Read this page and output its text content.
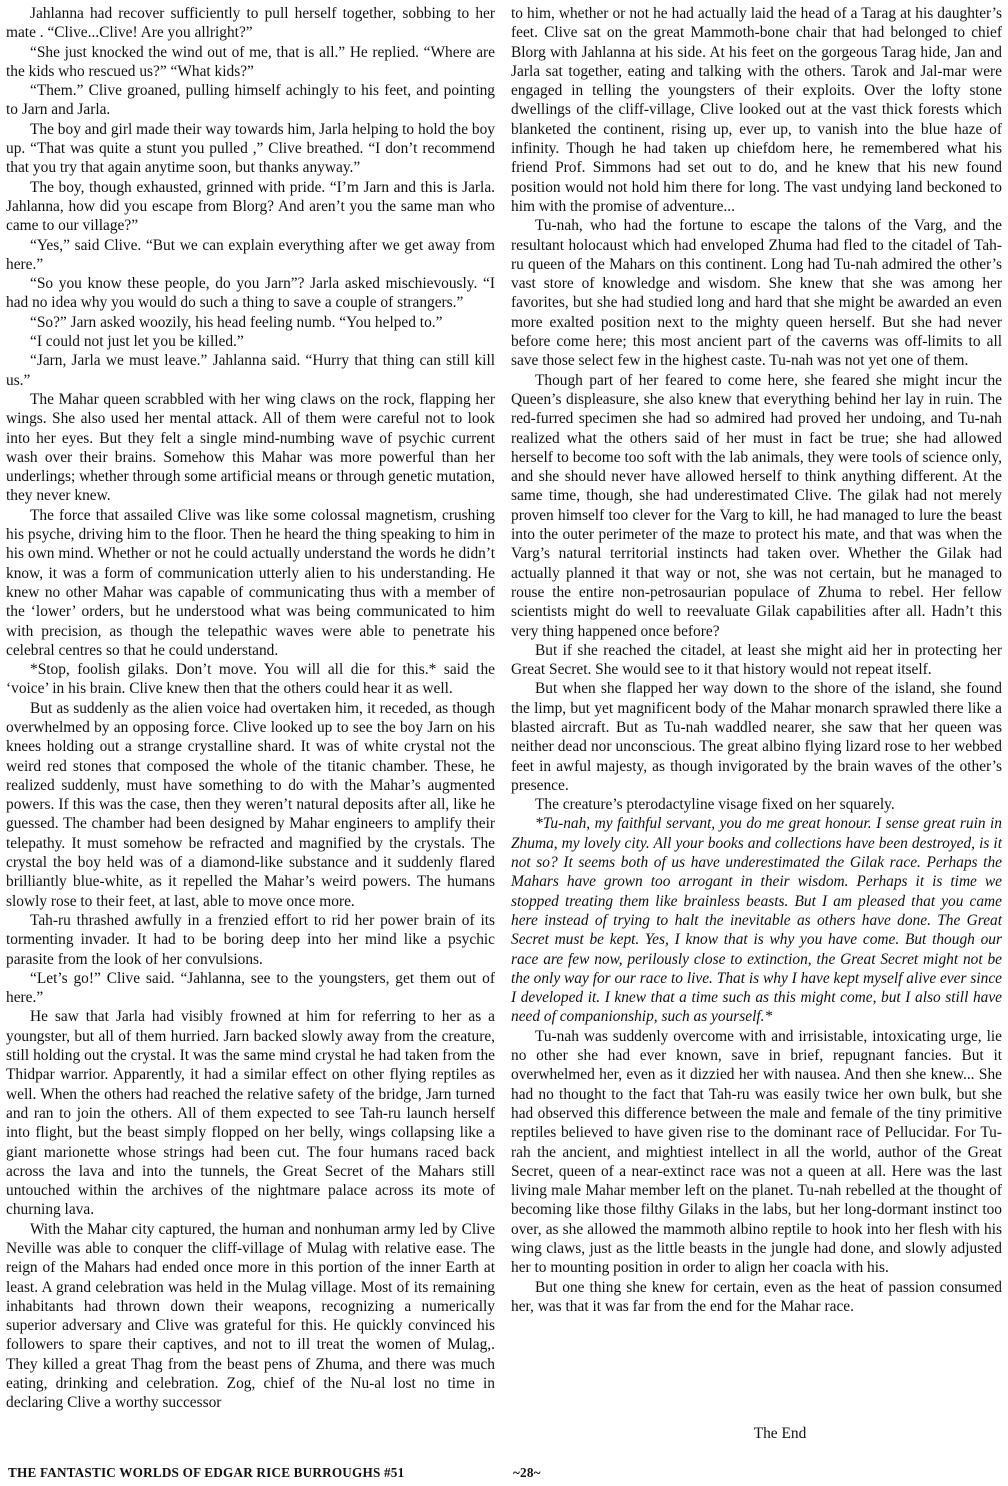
Jahlanna had recover sufficiently to pull herself together, sobbing to her mate . “Clive...Clive! Are you allright?”

“She just knocked the wind out of me, that is all.” He replied. “Where are the kids who rescued us?” “What kids?”

“Them.” Clive groaned, pulling himself achingly to his feet, and pointing to Jarn and Jarla.

The boy and girl made their way towards him, Jarla helping to hold the boy up. “That was quite a stunt you pulled ,” Clive breathed. “I don’t recommend that you try that again anytime soon, but thanks anyway.”

The boy, though exhausted, grinned with pride. “I’m Jarn and this is Jarla. Jahlanna, how did you escape from Blorg? And aren’t you the same man who came to our village?”

“Yes,” said Clive. “But we can explain everything after we get away from here.”

“So you know these people, do you Jarn”? Jarla asked mischievously. “I had no idea why you would do such a thing to save a couple of strangers.”

“So?” Jarn asked woozily, his head feeling numb. “You helped to.”

“I could not just let you be killed.”

“Jarn, Jarla we must leave.” Jahlanna said. “Hurry that thing can still kill us.”

The Mahar queen scrabbled with her wing claws on the rock, flapping her wings. She also used her mental attack. All of them were careful not to look into her eyes. But they felt a single mind-numbing wave of psychic current wash over their brains. Somehow this Mahar was more powerful than her underlings; whether through some artificial means or through genetic mutation, they never knew.

The force that assailed Clive was like some colossal magnetism, crushing his psyche, driving him to the floor. Then he heard the thing speaking to him in his own mind. Whether or not he could actually understand the words he didn’t know, it was a form of communication utterly alien to his understanding. He knew no other Mahar was capable of communicating thus with a member of the ‘lower’ orders, but he understood what was being communicated to him with precision, as though the telepathic waves were able to penetrate his celebral centres so that he could understand.

*Stop, foolish gilaks. Don’t move. You will all die for this.* said the ‘voice’ in his brain. Clive knew then that the others could hear it as well.

But as suddenly as the alien voice had overtaken him, it receded, as though overwhelmed by an opposing force. Clive looked up to see the boy Jarn on his knees holding out a strange crystalline shard. It was of white crystal not the weird red stones that composed the whole of the titanic chamber. These, he realized suddenly, must have something to do with the Mahar’s augmented powers. If this was the case, then they weren’t natural deposits after all, like he guessed. The chamber had been designed by Mahar engineers to amplify their telepathy. It must somehow be refracted and magnified by the crystals. The crystal the boy held was of a diamond-like substance and it suddenly flared brilliantly blue-white, as it repelled the Mahar’s weird powers. The humans slowly rose to their feet, at last, able to move once more.

Tah-ru thrashed awfully in a frenzied effort to rid her power brain of its tormenting invader. It had to be boring deep into her mind like a psychic parasite from the look of her convulsions.

“Let’s go!” Clive said. “Jahlanna, see to the youngsters, get them out of here.”

He saw that Jarla had visibly frowned at him for referring to her as a youngster, but all of them hurried. Jarn backed slowly away from the creature, still holding out the crystal. It was the same mind crystal he had taken from the Thidpar warrior. Apparently, it had a similar effect on other flying reptiles as well. When the others had reached the relative safety of the bridge, Jarn turned and ran to join the others. All of them expected to see Tah-ru launch herself into flight, but the beast simply flopped on her belly, wings collapsing like a giant marionette whose strings had been cut. The four humans raced back across the lava and into the tunnels, the Great Secret of the Mahars still untouched within the archives of the nightmare palace across its mote of churning lava.

With the Mahar city captured, the human and nonhuman army led by Clive Neville was able to conquer the cliff-village of Mulag with relative ease. The reign of the Mahars had ended once more in this portion of the inner Earth at least. A grand celebration was held in the Mulag village. Most of its remaining inhabitants had thrown down their weapons, recognizing a numerically superior adversary and Clive was grateful for this. He quickly convinced his followers to spare their captives, and not to ill treat the women of Mulag,. They killed a great Thag from the beast pens of Zhuma, and there was much eating, drinking and celebration. Zog, chief of the Nu-al lost no time in declaring Clive a worthy successor

to him, whether or not he had actually laid the head of a Tarag at his daughter’s feet. Clive sat on the great Mammoth-bone chair that had belonged to chief Blorg with Jahlanna at his side. At his feet on the gorgeous Tarag hide, Jan and Jarla sat together, eating and talking with the others. Tarok and Jal-mar were engaged in telling the youngsters of their exploits. Over the lofty stone dwellings of the cliff-village, Clive looked out at the vast thick forests which blanketed the continent, rising up, ever up, to vanish into the blue haze of infinity. Though he had taken up chiefdom here, he remembered what his friend Prof. Simmons had set out to do, and he knew that his new found position would not hold him there for long. The vast undying land beckoned to him with the promise of adventure...

Tu-nah, who had the fortune to escape the talons of the Varg, and the resultant holocaust which had enveloped Zhuma had fled to the citadel of Tah-ru queen of the Mahars on this continent. Long had Tu-nah admired the other’s vast store of knowledge and wisdom. She knew that she was among her favorites, but she had studied long and hard that she might be awarded an even more exalted position next to the mighty queen herself. But she had never before come here; this most ancient part of the caverns was off-limits to all save those select few in the highest caste. Tu-nah was not yet one of them.

Though part of her feared to come here, she feared she might incur the Queen’s displeasure, she also knew that everything behind her lay in ruin. The red-furred specimen she had so admired had proved her undoing, and Tu-nah realized what the others said of her must in fact be true; she had allowed herself to become too soft with the lab animals, they were tools of science only, and she should never have allowed herself to think anything different. At the same time, though, she had underestimated Clive. The gilak had not merely proven himself too clever for the Varg to kill, he had managed to lure the beast into the outer perimeter of the maze to protect his mate, and that was when the Varg’s natural territorial instincts had taken over. Whether the Gilak had actually planned it that way or not, she was not certain, but he managed to rouse the entire non-petrosaurian populace of Zhuma to rebel. Her fellow scientists might do well to reevaluate Gilak capabilities after all. Hadn’t this very thing happened once before?

But if she reached the citadel, at least she might aid her in protecting her Great Secret. She would see to it that history would not repeat itself.

But when she flapped her way down to the shore of the island, she found the limp, but yet magnificent body of the Mahar monarch sprawled there like a blasted aircraft. But as Tu-nah waddled nearer, she saw that her queen was neither dead nor unconscious. The great albino flying lizard rose to her webbed feet in awful majesty, as though invigorated by the brain waves of the other’s presence.

The creature’s pterodactyline visage fixed on her squarely.

*Tu-nah, my faithful servant, you do me great honour. I sense great ruin in Zhuma, my lovely city. All your books and collections have been destroyed, is it not so? It seems both of us have underestimated the Gilak race. Perhaps the Mahars have grown too arrogant in their wisdom. Perhaps it is time we stopped treating them like brainless beasts. But I am pleased that you came here instead of trying to halt the inevitable as others have done. The Great Secret must be kept. Yes, I know that is why you have come. But though our race are few now, perilously close to extinction, the Great Secret might not be the only way for our race to live. That is why I have kept myself alive ever since I developed it. I knew that a time such as this might come, but I also still have need of companionship, such as yourself.*

Tu-nah was suddenly overcome with and irrisistable, intoxicating urge, lie no other she had ever known, save in brief, repugnant fancies. But it overwhelmed her, even as it dizzied her with nausea. And then she knew... She had no thought to the fact that Tah-ru was easily twice her own bulk, but she had observed this difference between the male and female of the tiny primitive reptiles believed to have given rise to the dominant race of Pellucidar. For Tu-rah the ancient, and mightiest intellect in all the world, author of the Great Secret, queen of a near-extinct race was not a queen at all. Here was the last living male Mahar member left on the planet. Tu-nah rebelled at the thought of becoming like those filthy Gilaks in the labs, but her long-dormant instinct too over, as she allowed the mammoth albino reptile to hook into her flesh with his wing claws, just as the little beasts in the jungle had done, and slowly adjusted her to mounting position in order to align her coacla with his.

But one thing she knew for certain, even as the heat of passion consumed her, was that it was far from the end for the Mahar race.

The End
THE FANTASTIC WORLDS OF EDGAR RICE BURROUGHS #51	~28~
